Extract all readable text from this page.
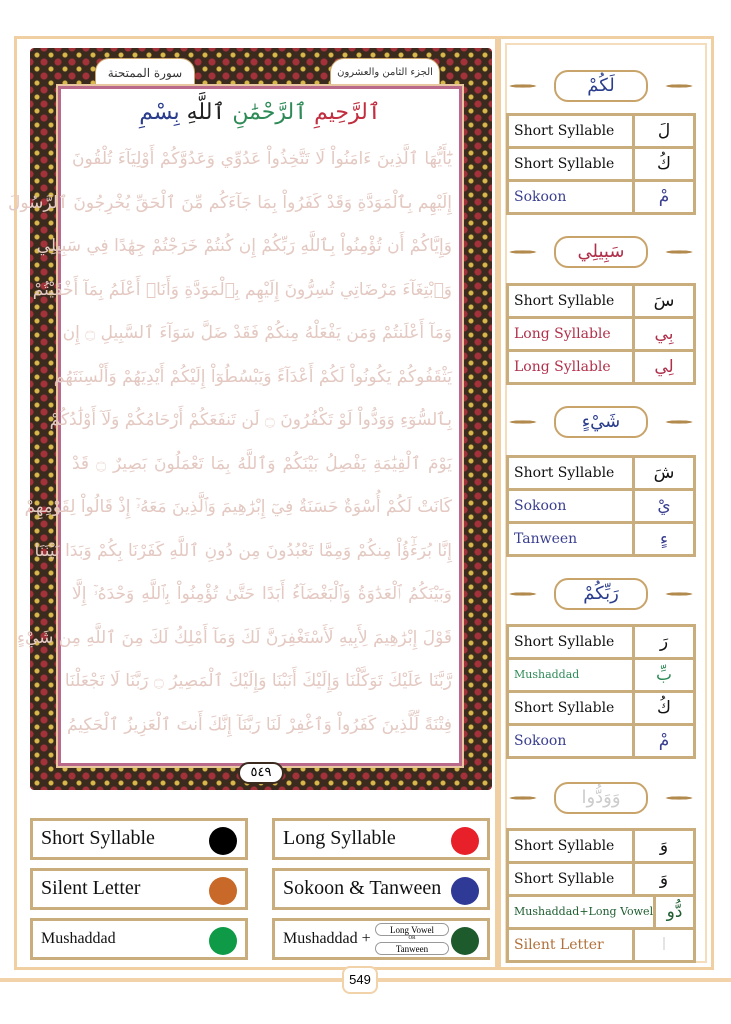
سورة الممتحنة	الجزء الثامن والعشرون
ٱلرَّحِيمِ ٱلرَّحْمَٰنِ ٱللَّهِ بِسْمِ
يَٰٓأَيُّهَا ٱلَّذِينَ ءَامَنُواْ لَا تَتَّخِذُواْ عَدُوِّي وَعَدُوَّكُمْ أَوْلِيَآءَ تُلْقُونَ
إِلَيْهِم بِٱلْمَوَدَّةِ وَقَدْ كَفَرُواْ بِمَا جَآءَكُم مِّنَ ٱلْحَقِّ يُخْرِجُونَ ٱلرَّسُولَ
وَإِيَّاكُمْ أَن تُؤْمِنُواْ بِٱللَّهِ رَبِّكُمْ إِن كُنتُمْ خَرَجْتُمْ جِهَٰدًا فِي سَبِيلِي
وَٱبْتِغَآءَ مَرْضَاتِي تُسِرُّونَ إِلَيْهِم بِٱلْمَوَدَّةِ وَأَنَا۠ أَعْلَمُ بِمَآ أَخْفَيْتُمْ
وَمَآ أَعْلَنتُمْ وَمَن يَفْعَلْهُ مِنكُمْ فَقَدْ ضَلَّ سَوَآءَ ٱلسَّبِيلِ ۝ إِن
يَثْقَفُوكُمْ يَكُونُواْ لَكُمْ أَعْدَآءً وَيَبْسُطُوٓاْ إِلَيْكُمْ أَيْدِيَهُمْ وَأَلْسِنَتَهُم
بِٱلسُّوٓءِ وَوَدُّواْ لَوْ تَكْفُرُونَ ۝ لَن تَنفَعَكُمْ أَرْحَامُكُمْ وَلَآ أَوْلَٰدُكُمْ
يَوْمَ ٱلْقِيَٰمَةِ يَفْصِلُ بَيْنَكُمْ وَٱللَّهُ بِمَا تَعْمَلُونَ بَصِيرٌ ۝ قَدْ
كَانَتْ لَكُمْ أُسْوَةٌ حَسَنَةٌ فِيٓ إِبْرَٰهِيمَ وَٱلَّذِينَ مَعَهُۥٓ إِذْ قَالُواْ لِقَوْمِهِمْ
إِنَّا بُرَءَٰٓؤُاْ مِنكُمْ وَمِمَّا تَعْبُدُونَ مِن دُونِ ٱللَّهِ كَفَرْنَا بِكُمْ وَبَدَا بَيْنَنَا
وَبَيْنَكُمُ ٱلْعَدَٰوَةُ وَٱلْبَغْضَآءُ أَبَدًا حَتَّىٰ تُؤْمِنُواْ بِٱللَّهِ وَحْدَهُۥٓ إِلَّا
قَوْلَ إِبْرَٰهِيمَ لِأَبِيهِ لَأَسْتَغْفِرَنَّ لَكَ وَمَآ أَمْلِكُ لَكَ مِنَ ٱللَّهِ مِن شَيْءٍ
رَّبَّنَا عَلَيْكَ تَوَكَّلْنَا وَإِلَيْكَ أَنَبْنَا وَإِلَيْكَ ٱلْمَصِيرُ ۝ رَبَّنَا لَا تَجْعَلْنَا
فِتْنَةً لِّلَّذِينَ كَفَرُواْ وَٱغْفِرْ لَنَا رَبَّنَآ إِنَّكَ أَنتَ ٱلْعَزِيزُ ٱلْحَكِيمُ
٥٤٩
Short Syllable	Long Syllable
Silent Letter	Sokoon & Tanween
Mushaddad	Mushaddad +	Long Vowel
OR
Tanween
لَكُمْ
Short Syllable	لَ
Short Syllable	كُ
Sokoon	مْ
سَبِيلِي
Short Syllable	سَ
Long Syllable	بِي
Long Syllable	لِي
شَيْءٍ
Short Syllable	شَ
Sokoon	يْ
Tanween	ءٍ
رَبِّكُمْ
Short Syllable	رَ
Mushaddad	بِّ
Short Syllable	كُ
Sokoon	مْ
وَوَدُّوا
Short Syllable	وَ
Short Syllable	وَ
Mushaddad+Long Vowel دُّو
Silent Letter	ا
549
